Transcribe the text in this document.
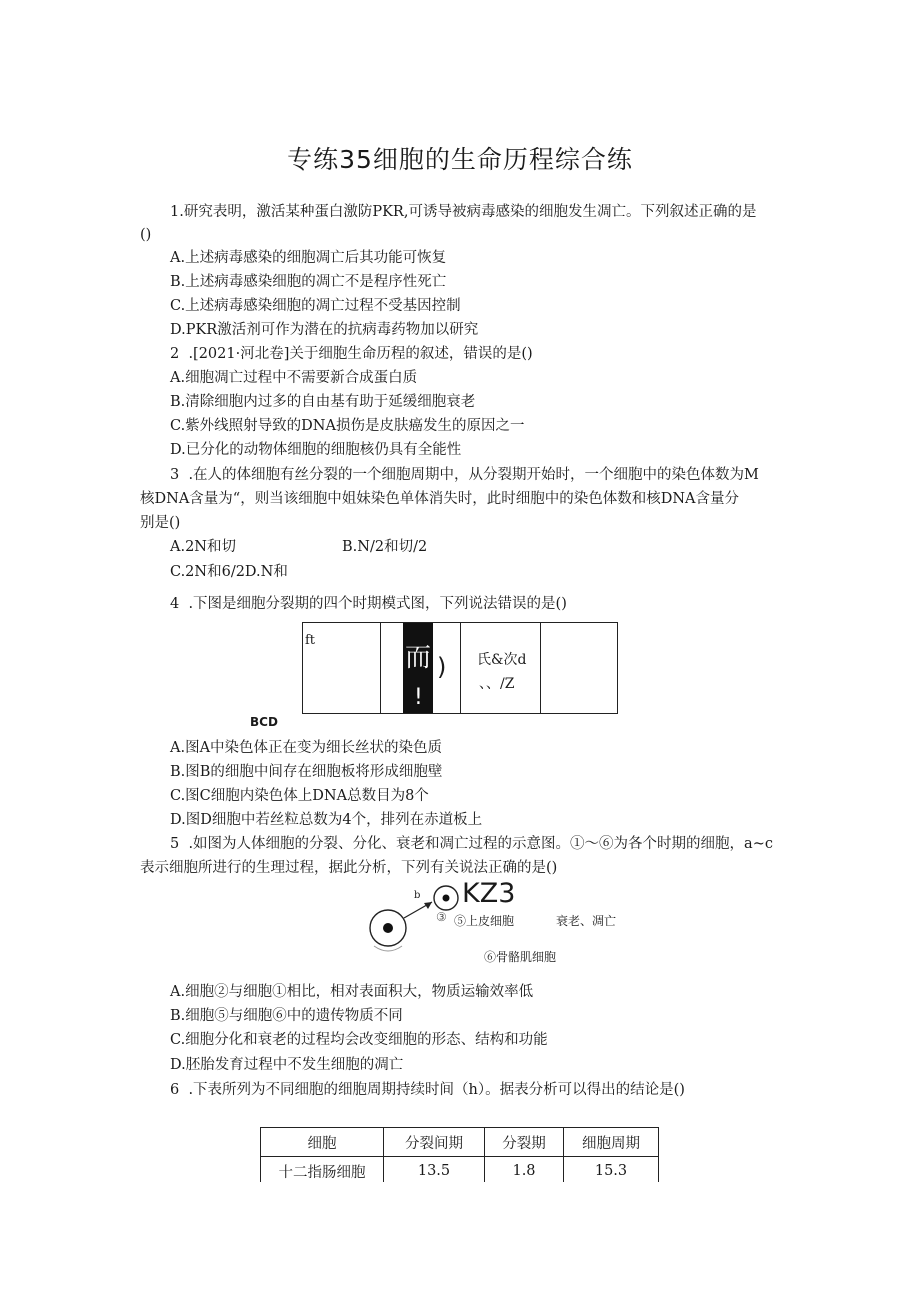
专练35细胞的生命历程综合练
1.研究表明，激活某种蛋白激防PKR,可诱导被病毒感染的细胞发生凋亡。下列叙述正确的是
()
A.上述病毒感染的细胞凋亡后其功能可恢复
B.上述病毒感染细胞的凋亡不是程序性死亡
C.上述病毒感染细胞的凋亡过程不受基因控制
D.PKR激活剂可作为潜在的抗病毒药物加以研究
2	.[2021·河北卷]关于细胞生命历程的叙述，错误的是()
A.细胞凋亡过程中不需要新合成蛋白质
B.清除细胞内过多的自由基有助于延缓细胞衰老
C.紫外线照射导致的DNA损伤是皮肤癌发生的原因之一
D.已分化的动物体细胞的细胞核仍具有全能性
3	.在人的体细胞有丝分裂的一个细胞周期中，从分裂期开始时，一个细胞中的染色体数为M
核DNA含量为“，则当该细胞中姐妹染色单体消失时，此时细胞中的染色体数和核DNA含量分
别是()
A.2N和切	B.N/2和切/2
C.2N和6/2D.N和
4	.下图是细胞分裂期的四个时期模式图，下列说法错误的是()
ft
而
!
) 氏&次d
、、/Z
BCD
A.图A中染色体正在变为细长丝状的染色质
B.图B的细胞中间存在细胞板将形成细胞壁
C.图C细胞内染色体上DNA总数目为8个
D.图D细胞中若丝粒总数为4个，排列在赤道板上
5	.如图为人体细胞的分裂、分化、衰老和凋亡过程的示意图。①～⑥为各个时期的细胞，a~c
表示细胞所进行的生理过程，据此分析，下列有关说法正确的是()
b
③
KZ3
⑤上皮细胞	衰老、凋亡
⑥骨骼肌细胞
A.细胞②与细胞①相比，相对表面积大，物质运输效率低
B.细胞⑤与细胞⑥中的遗传物质不同
C.细胞分化和衰老的过程均会改变细胞的形态、结构和功能
D.胚胎发育过程中不发生细胞的凋亡
6	.下表所列为不同细胞的细胞周期持续时间（h）。据表分析可以得出的结论是()
细胞	分裂间期	分裂期	细胞周期
十二指肠细胞	13.5	1.8	15.3
